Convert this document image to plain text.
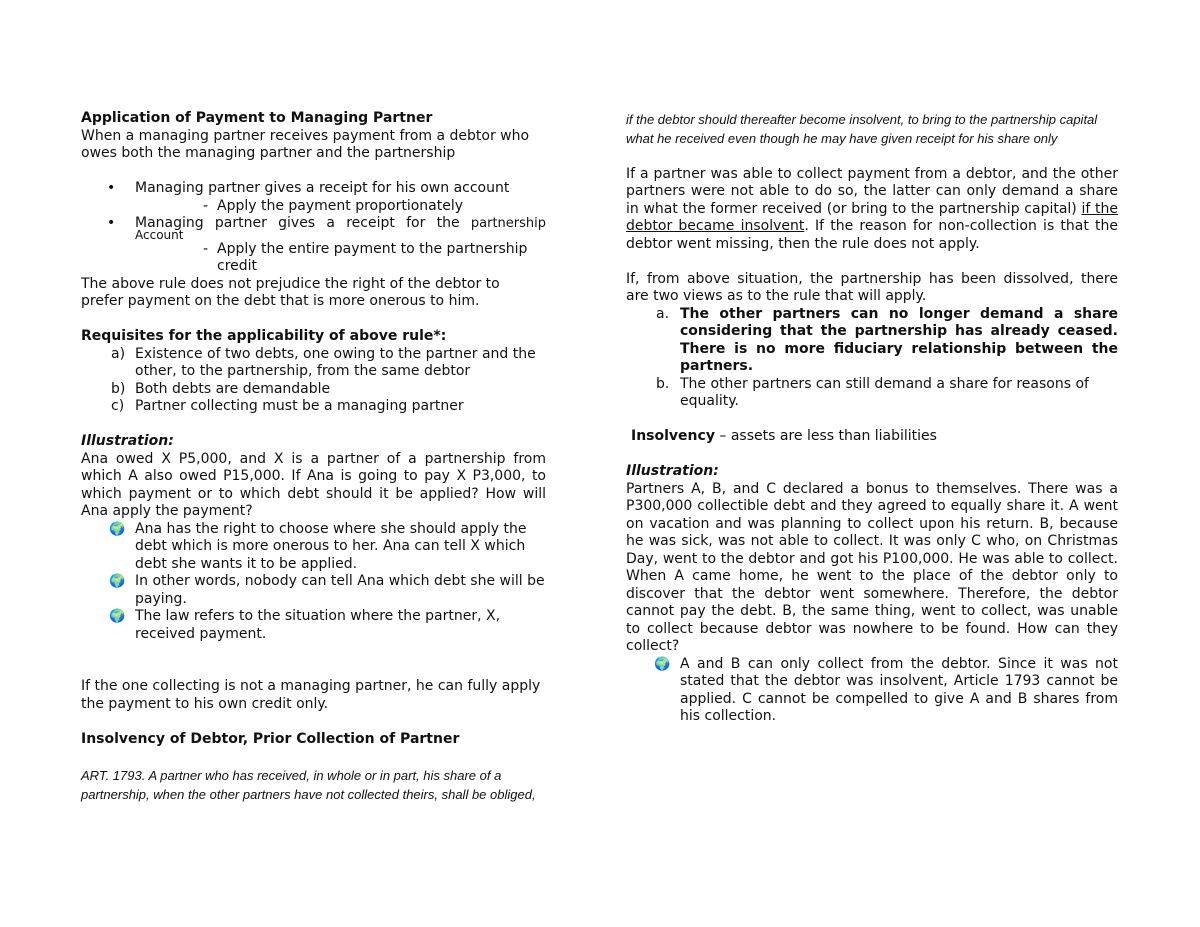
Application of Payment to Managing Partner

When a managing partner receives payment from a debtor who owes both the managing partner and the partnership

•	Managing partner gives a receipt for his own account
- Apply the payment proportionately
•	Managing partner gives a receipt for the partnership
Account
- Apply the entire payment to the partnership credit

The above rule does not prejudice the right of the debtor to prefer payment on the debt that is more onerous to him.

Requisites for the applicability of above rule*:

a) Existence of two debts, one owing to the partner and the other, to the partnership, from the same debtor
b) Both debts are demandable
c) Partner collecting must be a managing partner

Illustration:

Ana owed X P5,000, and X is a partner of a partnership from which A also owed P15,000. If Ana is going to pay X P3,000, to which payment or to which debt should it be applied? How will Ana apply the payment?

🌍 Ana has the right to choose where she should apply the debt which is more onerous to her. Ana can tell X which debt she wants it to be applied.
🌍 In other words, nobody can tell Ana which debt she will be paying.
🌍 The law refers to the situation where the partner, X, received payment.

If the one collecting is not a managing partner, he can fully apply the payment to his own credit only.

Insolvency of Debtor, Prior Collection of Partner

ART. 1793. A partner who has received, in whole or in part, his share of a partnership, when the other partners have not collected theirs, shall be obliged,

if the debtor should thereafter become insolvent, to bring to the partnership capital what he received even though he may have given receipt for his share only

If a partner was able to collect payment from a debtor, and the other partners were not able to do so, the latter can only demand a share in what the former received (or bring to the partnership capital) if the debtor became insolvent. If the reason for non-collection is that the debtor went missing, then the rule does not apply.

If, from above situation, the partnership has been dissolved, there are two views as to the rule that will apply.

a. The other partners can no longer demand a share considering that the partnership has already ceased. There is no more fiduciary relationship between the partners.
b. The other partners can still demand a share for reasons of equality.

Insolvency – assets are less than liabilities

Illustration:

Partners A, B, and C declared a bonus to themselves. There was a P300,000 collectible debt and they agreed to equally share it. A went on vacation and was planning to collect upon his return. B, because he was sick, was not able to collect. It was only C who, on Christmas Day, went to the debtor and got his P100,000. He was able to collect. When A came home, he went to the place of the debtor only to discover that the debtor went somewhere. Therefore, the debtor cannot pay the debt. B, the same thing, went to collect, was unable to collect because debtor was nowhere to be found. How can they collect?

🌍 A and B can only collect from the debtor. Since it was not stated that the debtor was insolvent, Article 1793 cannot be applied. C cannot be compelled to give A and B shares from his collection.
